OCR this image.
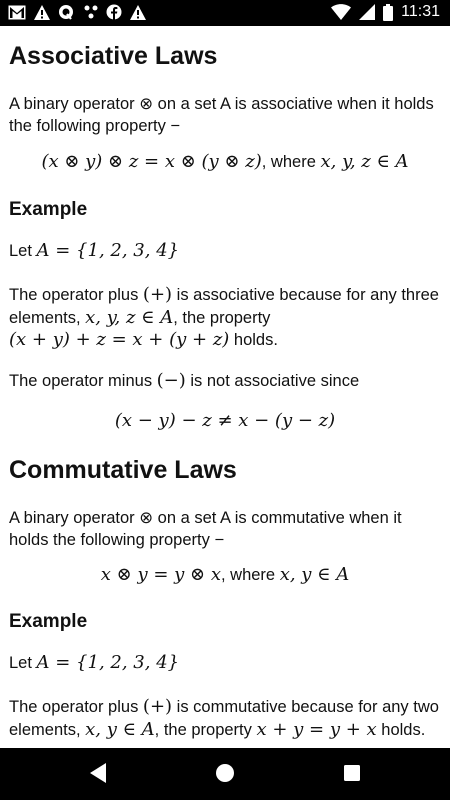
11:31
Associative Laws
A binary operator ⊗ on a set A is associative when it holds the following property −
(x ⊗ y) ⊗ z = x ⊗ (y ⊗ z), where x, y, z ∈ A
Example
Let A = {1, 2, 3, 4}
The operator plus (+) is associative because for any three elements, x, y, z ∈ A, the property
(x + y) + z = x + (y + z) holds.
The operator minus (−) is not associative since
(x − y) − z ≠ x − (y − z)
Commutative Laws
A binary operator ⊗ on a set A is commutative when it holds the following property −
x ⊗ y = y ⊗ x, where x, y ∈ A
Example
Let A = {1, 2, 3, 4}
The operator plus (+) is commutative because for any two elements, x, y ∈ A, the property x + y = y + x holds.
